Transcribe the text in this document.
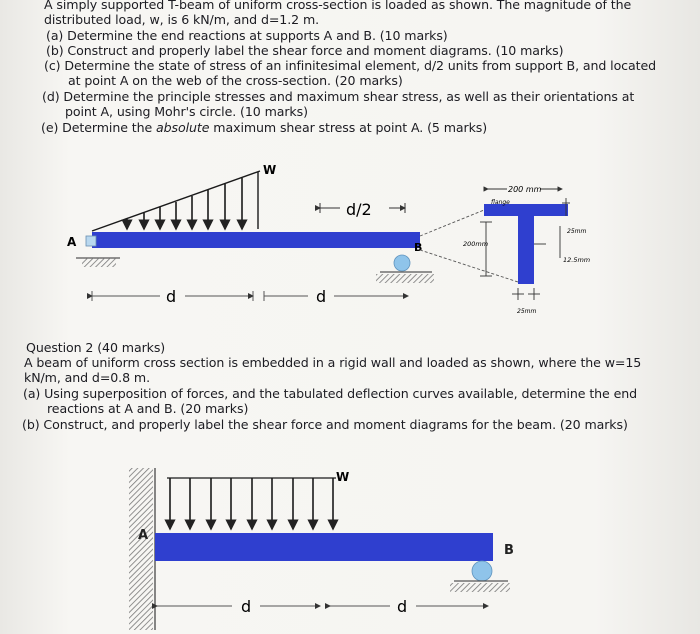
A simply supported T-beam of uniform cross-section is loaded as shown. The magnitude of the
distributed load, w, is 6 kN/m, and d=1.2 m.
(a) Determine the end reactions at supports A and B. (10 marks)
(b) Construct and properly label the shear force and moment diagrams. (10 marks)
(c) Determine the state of stress of an infinitesimal element, d/2 units from support B, and located
at point A on the web of the cross-section. (20 marks)
(d) Determine the principle stresses and maximum shear stress, as well as their orientations at
point A, using Mohr's circle. (10 marks)
(e) Determine the absolute maximum shear stress at point A. (5 marks)
W
A	B
d/2
d	d
200 mm
flange
25mm
200mm
12.5mm
25mm
Question 2 (40 marks)
A beam of uniform cross section is embedded in a rigid wall and loaded as shown, where the w=15
kN/m, and d=0.8 m.
(a) Using superposition of forces, and the tabulated deflection curves available, determine the end
reactions at A and B. (20 marks)
(b) Construct, and properly label the shear force and moment diagrams for the beam. (20 marks)
A
W
B
d	d
